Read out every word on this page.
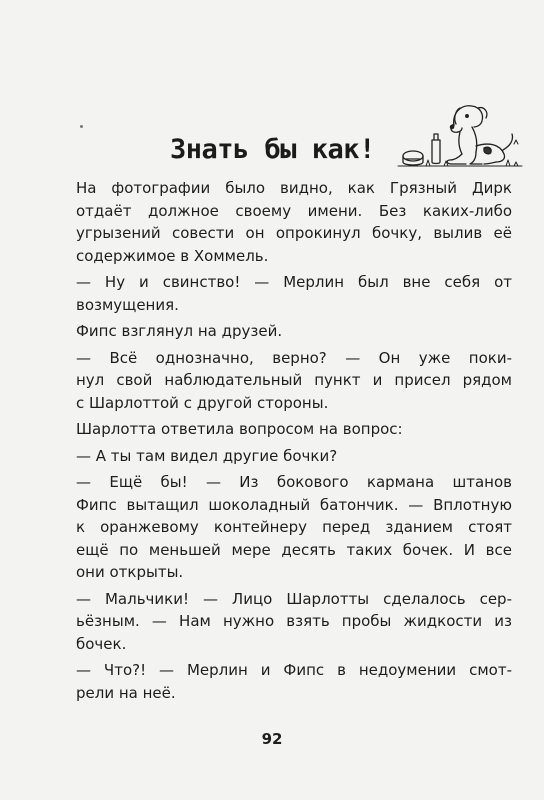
Знать бы как!

На фотографии было видно, как Грязный Дирк
отдаёт должное своему имени. Без каких-либо
угрызений совести он опрокинул бочку, вылив её
содержимое в Хоммель.

— Ну и свинство! — Мерлин был вне себя от
возмущения.

Фипс взглянул на друзей.

— Всё однозначно, верно? — Он уже поки-
нул свой наблюдательный пункт и присел рядом
с Шарлоттой с другой стороны.

Шарлотта ответила вопросом на вопрос:

— А ты там видел другие бочки?

— Ещё бы! — Из бокового кармана штанов
Фипс вытащил шоколадный батончик. — Вплотную
к оранжевому контейнеру перед зданием стоят
ещё по меньшей мере десять таких бочек. И все
они открыты.

— Мальчики! — Лицо Шарлотты сделалось сер-
ьёзным. — Нам нужно взять пробы жидкости из
бочек.

— Что?! — Мерлин и Фипс в недоумении смот-
рели на неё.

92
